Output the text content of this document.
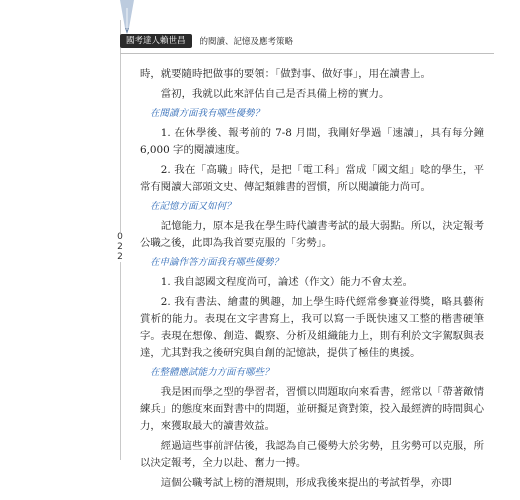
國考達人賴世昌	的閱讀、記憶及應考策略
0
2
2

時，就要隨時把做事的要領：「做對事、做好事」，用在讀書上。

當初，我就以此來評估自己是否具備上榜的實力。

在閱讀方面我有哪些優勢？

1. 在休學後、報考前的 7-8 月間，我剛好學過「速讀」，具有每分鐘 6,000 字的閱讀速度。

2. 我在「高職」時代，是把「電工科」當成「國文組」唸的學生，平常有閱讀大部頭文史、傳記類雜書的習慣，所以閱讀能力尚可。

在記憶方面又如何？

記憶能力，原本是我在學生時代讀書考試的最大弱點。所以，決定報考公職之後，此即為我首要克服的「劣勢」。

在申論作答方面我有哪些優勢？

1. 我自認國文程度尚可，論述（作文）能力不會太差。

2. 我有書法、繪畫的興趣，加上學生時代經常參賽並得獎，略具藝術賞析的能力。表現在文字書寫上，我可以寫一手既快速又工整的楷書硬筆字。表現在想像、創造、觀察、分析及組織能力上，則有利於文字駕馭與表達，尤其對我之後研究與自創的記憶訣，提供了極佳的奧援。

在整體應試能力方面有哪些？

我是困而學之型的學習者，習慣以問題取向來看書，經常以「帶著敵情練兵」的態度來面對書中的問題，並研擬足資對策，投入最經濟的時間與心力，來獲取最大的讀書效益。

經過這些事前評估後，我認為自己優勢大於劣勢，且劣勢可以克服，所以決定報考，全力以赴、奮力一搏。

這個公職考試上榜的潛規則，形成我後來提出的考試哲學，亦即
